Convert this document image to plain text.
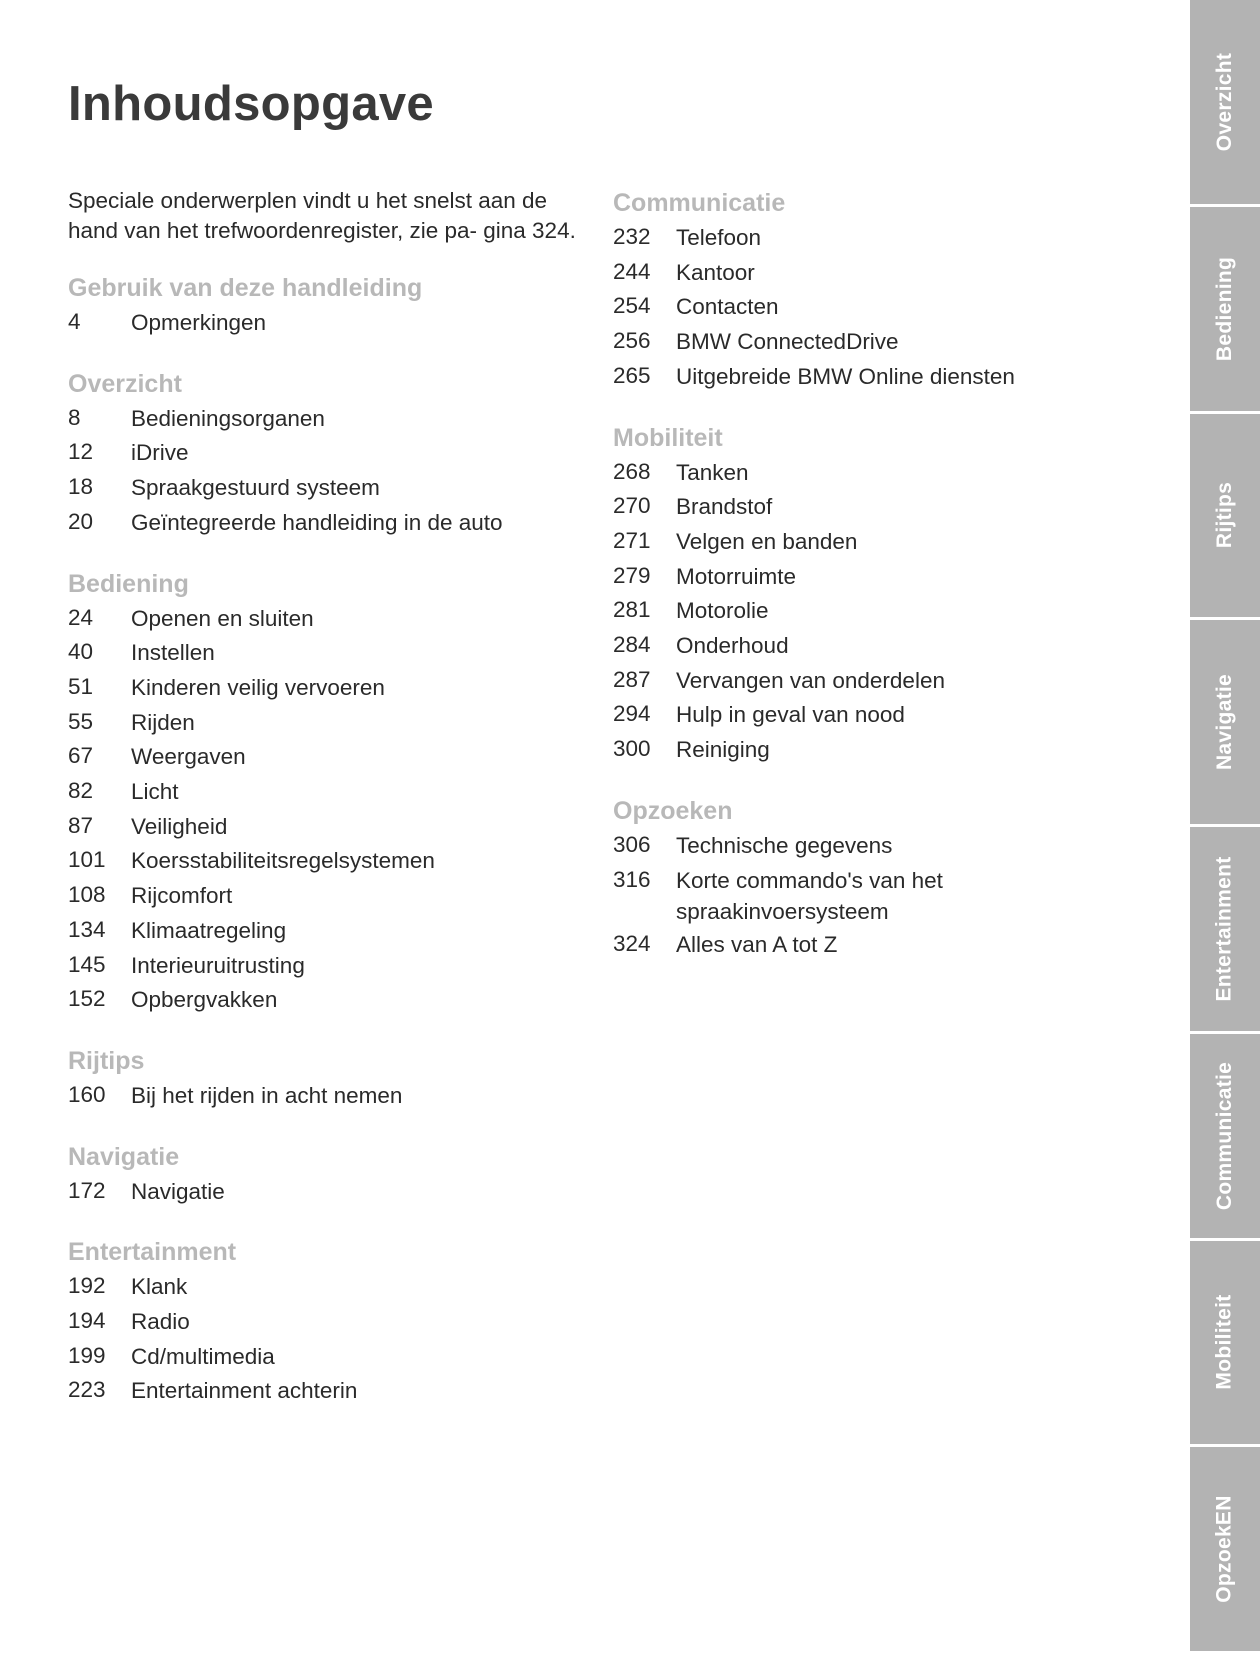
Inhoudsopgave

Speciale onderwerplen vindt u het snelst aan de hand van het trefwoordenregister, zie pa- gina 324.

Gebruik van deze handleiding
4	Opmerkingen
Overzicht
8	Bedieningsorganen
12	iDrive
18	Spraakgestuurd systeem
20	Geïntegreerde handleiding in de auto
Bediening
24	Openen en sluiten
40	Instellen
51	Kinderen veilig vervoeren
55	Rijden
67	Weergaven
82	Licht
87	Veiligheid
101	Koersstabiliteitsregelsystemen
108	Rijcomfort
134	Klimaatregeling
145	Interieuruitrusting
152	Opbergvakken
Rijtips
160	Bij het rijden in acht nemen
Navigatie
172	Navigatie
Entertainment
192	Klank
194	Radio
199	Cd/multimedia
223	Entertainment achterin
Communicatie
232	Telefoon
244	Kantoor
254	Contacten
256	BMW ConnectedDrive
265	Uitgebreide BMW Online diensten
Mobiliteit
268	Tanken
270	Brandstof
271	Velgen en banden
279	Motorruimte
281	Motorolie
284	Onderhoud
287	Vervangen van onderdelen
294	Hulp in geval van nood
300	Reiniging
Opzoeken
306	Technische gegevens
316	Korte commando's van het spraakinvoersysteem
324	Alles van A tot Z
Overzicht
Bediening
Rijtips
Navigatie
Entertainment
Communicatie
Mobiliteit
OpzoekEN
